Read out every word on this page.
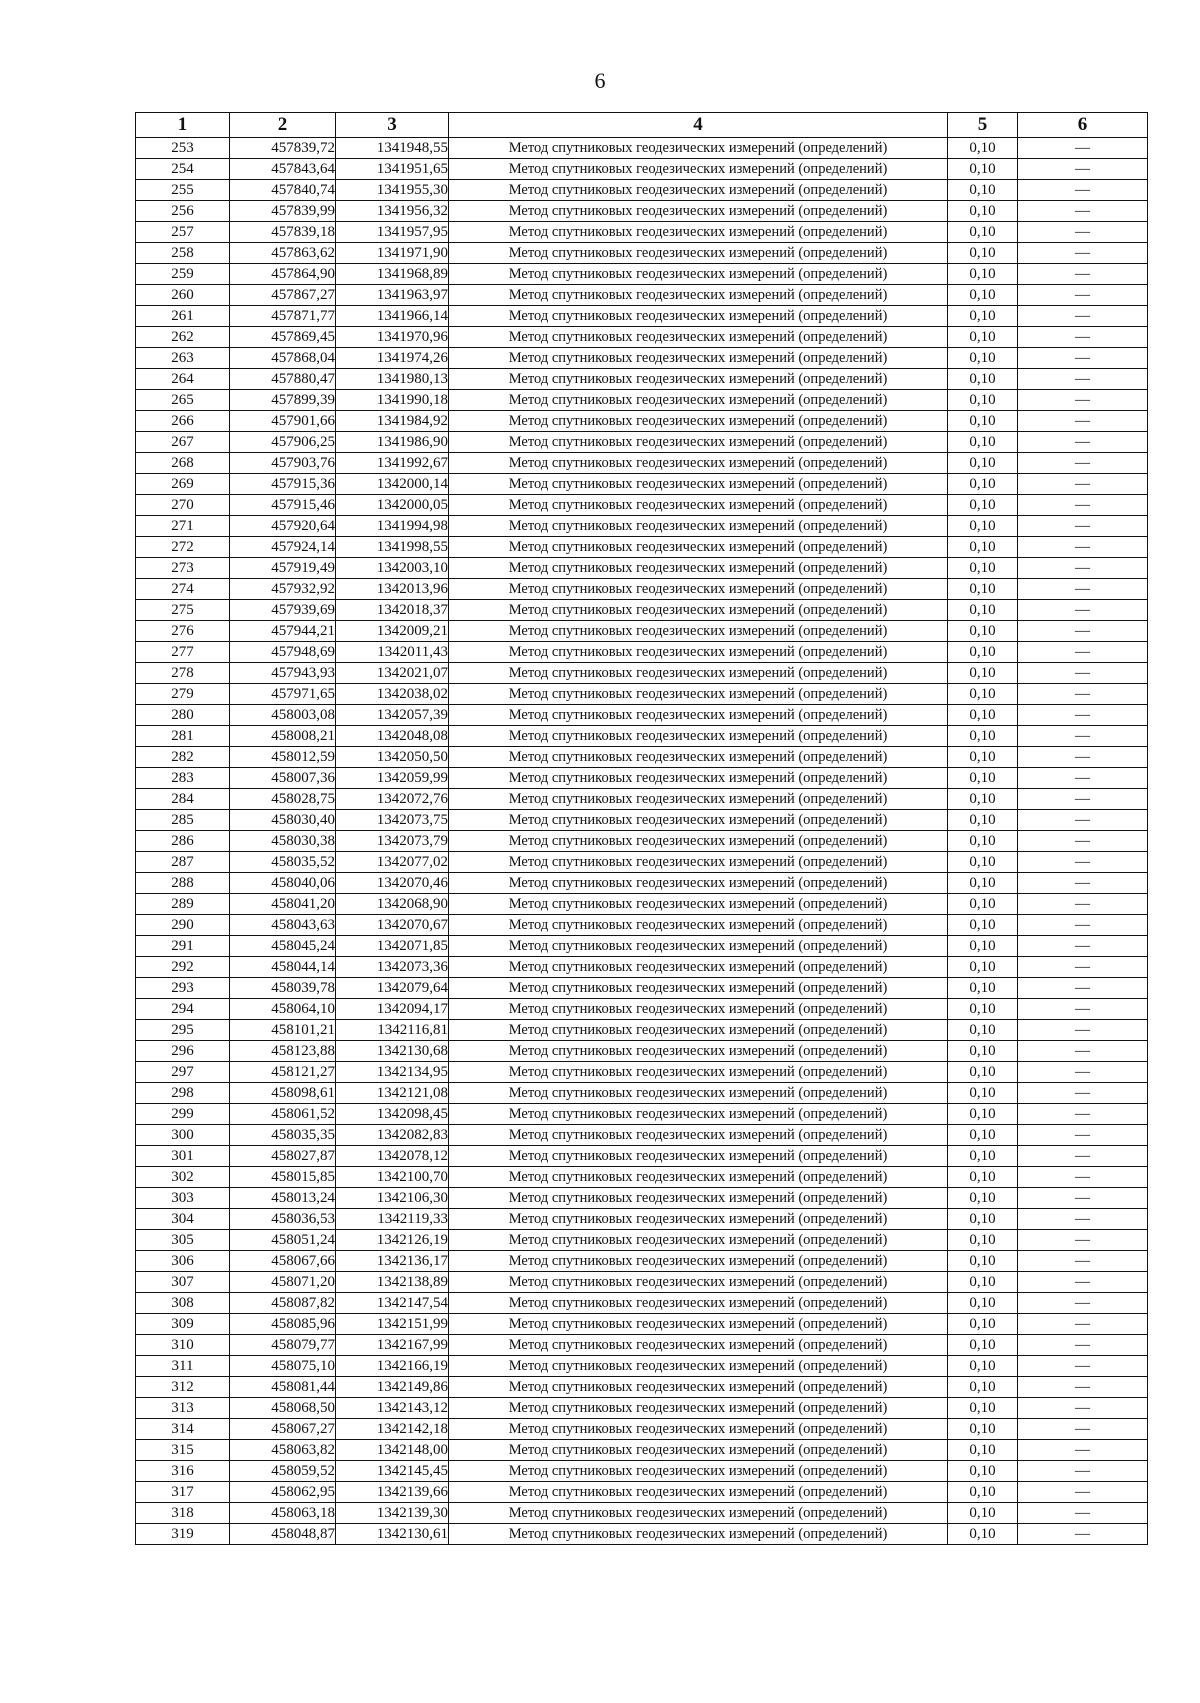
6
1	2	3	4	5	6
253	457839,72	1341948,55	Метод спутниковых геодезических измерений (определений)	0,10	—
254	457843,64	1341951,65	Метод спутниковых геодезических измерений (определений)	0,10	—
255	457840,74	1341955,30	Метод спутниковых геодезических измерений (определений)	0,10	—
256	457839,99	1341956,32	Метод спутниковых геодезических измерений (определений)	0,10	—
257	457839,18	1341957,95	Метод спутниковых геодезических измерений (определений)	0,10	—
258	457863,62	1341971,90	Метод спутниковых геодезических измерений (определений)	0,10	—
259	457864,90	1341968,89	Метод спутниковых геодезических измерений (определений)	0,10	—
260	457867,27	1341963,97	Метод спутниковых геодезических измерений (определений)	0,10	—
261	457871,77	1341966,14	Метод спутниковых геодезических измерений (определений)	0,10	—
262	457869,45	1341970,96	Метод спутниковых геодезических измерений (определений)	0,10	—
263	457868,04	1341974,26	Метод спутниковых геодезических измерений (определений)	0,10	—
264	457880,47	1341980,13	Метод спутниковых геодезических измерений (определений)	0,10	—
265	457899,39	1341990,18	Метод спутниковых геодезических измерений (определений)	0,10	—
266	457901,66	1341984,92	Метод спутниковых геодезических измерений (определений)	0,10	—
267	457906,25	1341986,90	Метод спутниковых геодезических измерений (определений)	0,10	—
268	457903,76	1341992,67	Метод спутниковых геодезических измерений (определений)	0,10	—
269	457915,36	1342000,14	Метод спутниковых геодезических измерений (определений)	0,10	—
270	457915,46	1342000,05	Метод спутниковых геодезических измерений (определений)	0,10	—
271	457920,64	1341994,98	Метод спутниковых геодезических измерений (определений)	0,10	—
272	457924,14	1341998,55	Метод спутниковых геодезических измерений (определений)	0,10	—
273	457919,49	1342003,10	Метод спутниковых геодезических измерений (определений)	0,10	—
274	457932,92	1342013,96	Метод спутниковых геодезических измерений (определений)	0,10	—
275	457939,69	1342018,37	Метод спутниковых геодезических измерений (определений)	0,10	—
276	457944,21	1342009,21	Метод спутниковых геодезических измерений (определений)	0,10	—
277	457948,69	1342011,43	Метод спутниковых геодезических измерений (определений)	0,10	—
278	457943,93	1342021,07	Метод спутниковых геодезических измерений (определений)	0,10	—
279	457971,65	1342038,02	Метод спутниковых геодезических измерений (определений)	0,10	—
280	458003,08	1342057,39	Метод спутниковых геодезических измерений (определений)	0,10	—
281	458008,21	1342048,08	Метод спутниковых геодезических измерений (определений)	0,10	—
282	458012,59	1342050,50	Метод спутниковых геодезических измерений (определений)	0,10	—
283	458007,36	1342059,99	Метод спутниковых геодезических измерений (определений)	0,10	—
284	458028,75	1342072,76	Метод спутниковых геодезических измерений (определений)	0,10	—
285	458030,40	1342073,75	Метод спутниковых геодезических измерений (определений)	0,10	—
286	458030,38	1342073,79	Метод спутниковых геодезических измерений (определений)	0,10	—
287	458035,52	1342077,02	Метод спутниковых геодезических измерений (определений)	0,10	—
288	458040,06	1342070,46	Метод спутниковых геодезических измерений (определений)	0,10	—
289	458041,20	1342068,90	Метод спутниковых геодезических измерений (определений)	0,10	—
290	458043,63	1342070,67	Метод спутниковых геодезических измерений (определений)	0,10	—
291	458045,24	1342071,85	Метод спутниковых геодезических измерений (определений)	0,10	—
292	458044,14	1342073,36	Метод спутниковых геодезических измерений (определений)	0,10	—
293	458039,78	1342079,64	Метод спутниковых геодезических измерений (определений)	0,10	—
294	458064,10	1342094,17	Метод спутниковых геодезических измерений (определений)	0,10	—
295	458101,21	1342116,81	Метод спутниковых геодезических измерений (определений)	0,10	—
296	458123,88	1342130,68	Метод спутниковых геодезических измерений (определений)	0,10	—
297	458121,27	1342134,95	Метод спутниковых геодезических измерений (определений)	0,10	—
298	458098,61	1342121,08	Метод спутниковых геодезических измерений (определений)	0,10	—
299	458061,52	1342098,45	Метод спутниковых геодезических измерений (определений)	0,10	—
300	458035,35	1342082,83	Метод спутниковых геодезических измерений (определений)	0,10	—
301	458027,87	1342078,12	Метод спутниковых геодезических измерений (определений)	0,10	—
302	458015,85	1342100,70	Метод спутниковых геодезических измерений (определений)	0,10	—
303	458013,24	1342106,30	Метод спутниковых геодезических измерений (определений)	0,10	—
304	458036,53	1342119,33	Метод спутниковых геодезических измерений (определений)	0,10	—
305	458051,24	1342126,19	Метод спутниковых геодезических измерений (определений)	0,10	—
306	458067,66	1342136,17	Метод спутниковых геодезических измерений (определений)	0,10	—
307	458071,20	1342138,89	Метод спутниковых геодезических измерений (определений)	0,10	—
308	458087,82	1342147,54	Метод спутниковых геодезических измерений (определений)	0,10	—
309	458085,96	1342151,99	Метод спутниковых геодезических измерений (определений)	0,10	—
310	458079,77	1342167,99	Метод спутниковых геодезических измерений (определений)	0,10	—
311	458075,10	1342166,19	Метод спутниковых геодезических измерений (определений)	0,10	—
312	458081,44	1342149,86	Метод спутниковых геодезических измерений (определений)	0,10	—
313	458068,50	1342143,12	Метод спутниковых геодезических измерений (определений)	0,10	—
314	458067,27	1342142,18	Метод спутниковых геодезических измерений (определений)	0,10	—
315	458063,82	1342148,00	Метод спутниковых геодезических измерений (определений)	0,10	—
316	458059,52	1342145,45	Метод спутниковых геодезических измерений (определений)	0,10	—
317	458062,95	1342139,66	Метод спутниковых геодезических измерений (определений)	0,10	—
318	458063,18	1342139,30	Метод спутниковых геодезических измерений (определений)	0,10	—
319	458048,87	1342130,61	Метод спутниковых геодезических измерений (определений)	0,10	—
